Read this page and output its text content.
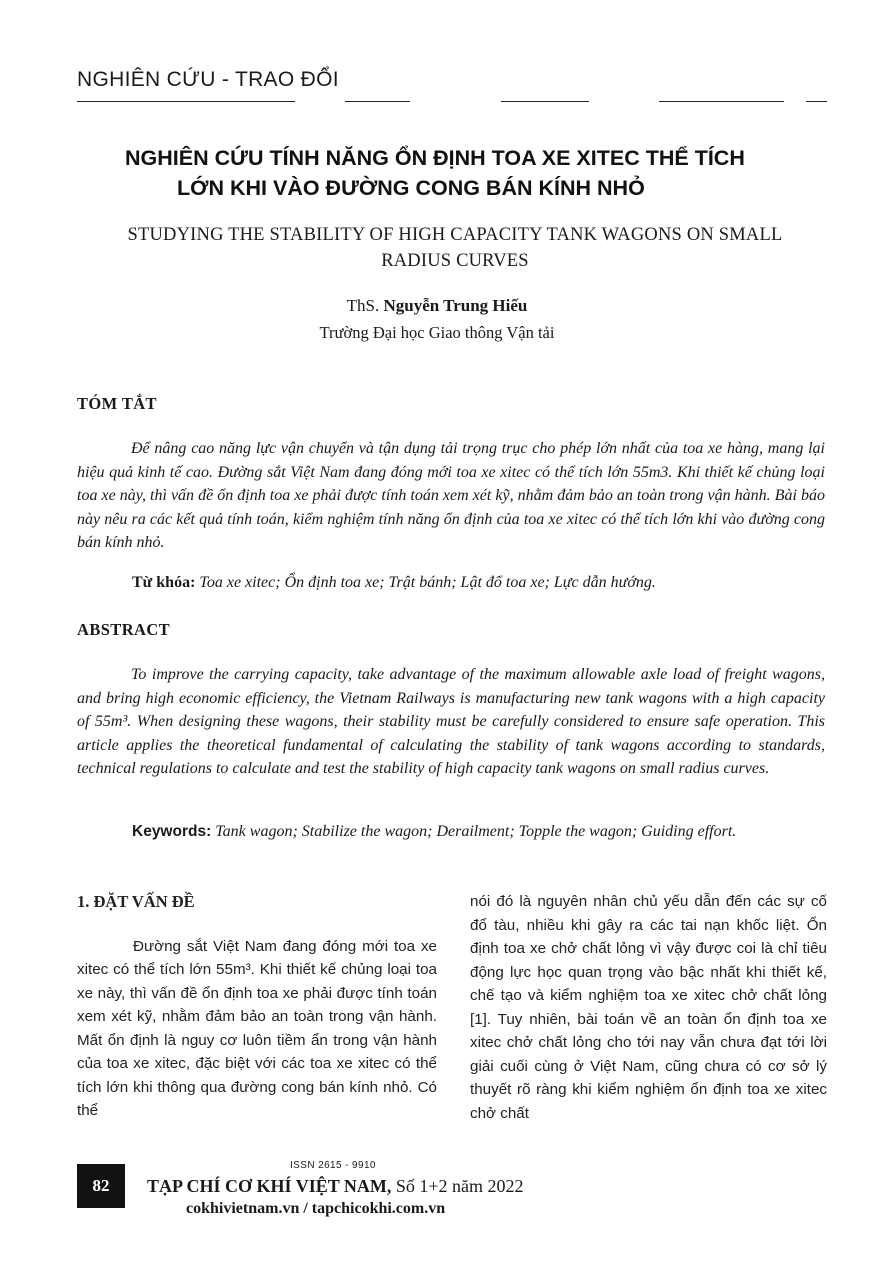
NGHIÊN CỨU - TRAO ĐỔI
NGHIÊN CỨU TÍNH NĂNG ỔN ĐỊNH TOA XE XITEC THỂ TÍCH
LỚN KHI VÀO ĐƯỜNG CONG BÁN KÍNH NHỎ
STUDYING THE STABILITY OF HIGH CAPACITY TANK WAGONS ON SMALL
RADIUS CURVES
ThS. Nguyễn Trung Hiếu
Trường Đại học Giao thông Vận tải
TÓM TẮT
Để nâng cao năng lực vận chuyển và tận dụng tải trọng trục cho phép lớn nhất của toa xe hàng, mang lại hiệu quả kinh tế cao. Đường sắt Việt Nam đang đóng mới toa xe xitec có thể tích lớn 55m3. Khi thiết kế chủng loại toa xe này, thì vấn đề ổn định toa xe phải được tính toán xem xét kỹ, nhằm đảm bảo an toàn trong vận hành. Bài báo này nêu ra các kết quả tính toán, kiểm nghiệm tính năng ổn định của toa xe xitec có thể tích lớn khi vào đường cong bán kính nhỏ.
Từ khóa: Toa xe xitec; Ổn định toa xe; Trật bánh; Lật đổ toa xe; Lực dẫn hướng.
ABSTRACT
To improve the carrying capacity, take advantage of the maximum allowable axle load of freight wagons, and bring high economic efficiency, the Vietnam Railways is manufacturing new tank wagons with a high capacity of 55m³. When designing these wagons, their stability must be carefully considered to ensure safe operation. This article applies the theoretical fundamental of calculating the stability of tank wagons according to standards, technical regulations to calculate and test the stability of high capacity tank wagons on small radius curves.
Keywords: Tank wagon; Stabilize the wagon; Derailment; Topple the wagon; Guiding effort.

1. ĐẶT VẤN ĐỀ

Đường sắt Việt Nam đang đóng mới toa xe xitec có thể tích lớn 55m³. Khi thiết kế chủng loại toa xe này, thì vấn đề ổn định toa xe phải được tính toán xem xét kỹ, nhằm đảm bảo an toàn trong vận hành. Mất ổn định là nguy cơ luôn tiềm ẩn trong vận hành của toa xe xitec, đặc biệt với các toa xe xitec có thể tích lớn khi thông qua đường cong bán kính nhỏ. Có thể

nói đó là nguyên nhân chủ yếu dẫn đến các sự cố đổ tàu, nhiều khi gây ra các tai nạn khốc liệt. Ổn định toa xe chở chất lỏng vì vậy được coi là chỉ tiêu động lực học quan trọng vào bậc nhất khi thiết kế, chế tạo và kiểm nghiệm toa xe xitec chở chất lỏng [1]. Tuy nhiên, bài toán về an toàn ổn định toa xe xitec chở chất lỏng cho tới nay vẫn chưa đạt tới lời giải cuối cùng ở Việt Nam, cũng chưa có cơ sở lý thuyết rõ ràng khi kiểm nghiệm ổn định toa xe xitec chở chất

82
ISSN 2615 - 9910
TẠP CHÍ CƠ KHÍ VIỆT NAM, Số 1+2 năm 2022
cokhivietnam.vn / tapchicokhi.com.vn
